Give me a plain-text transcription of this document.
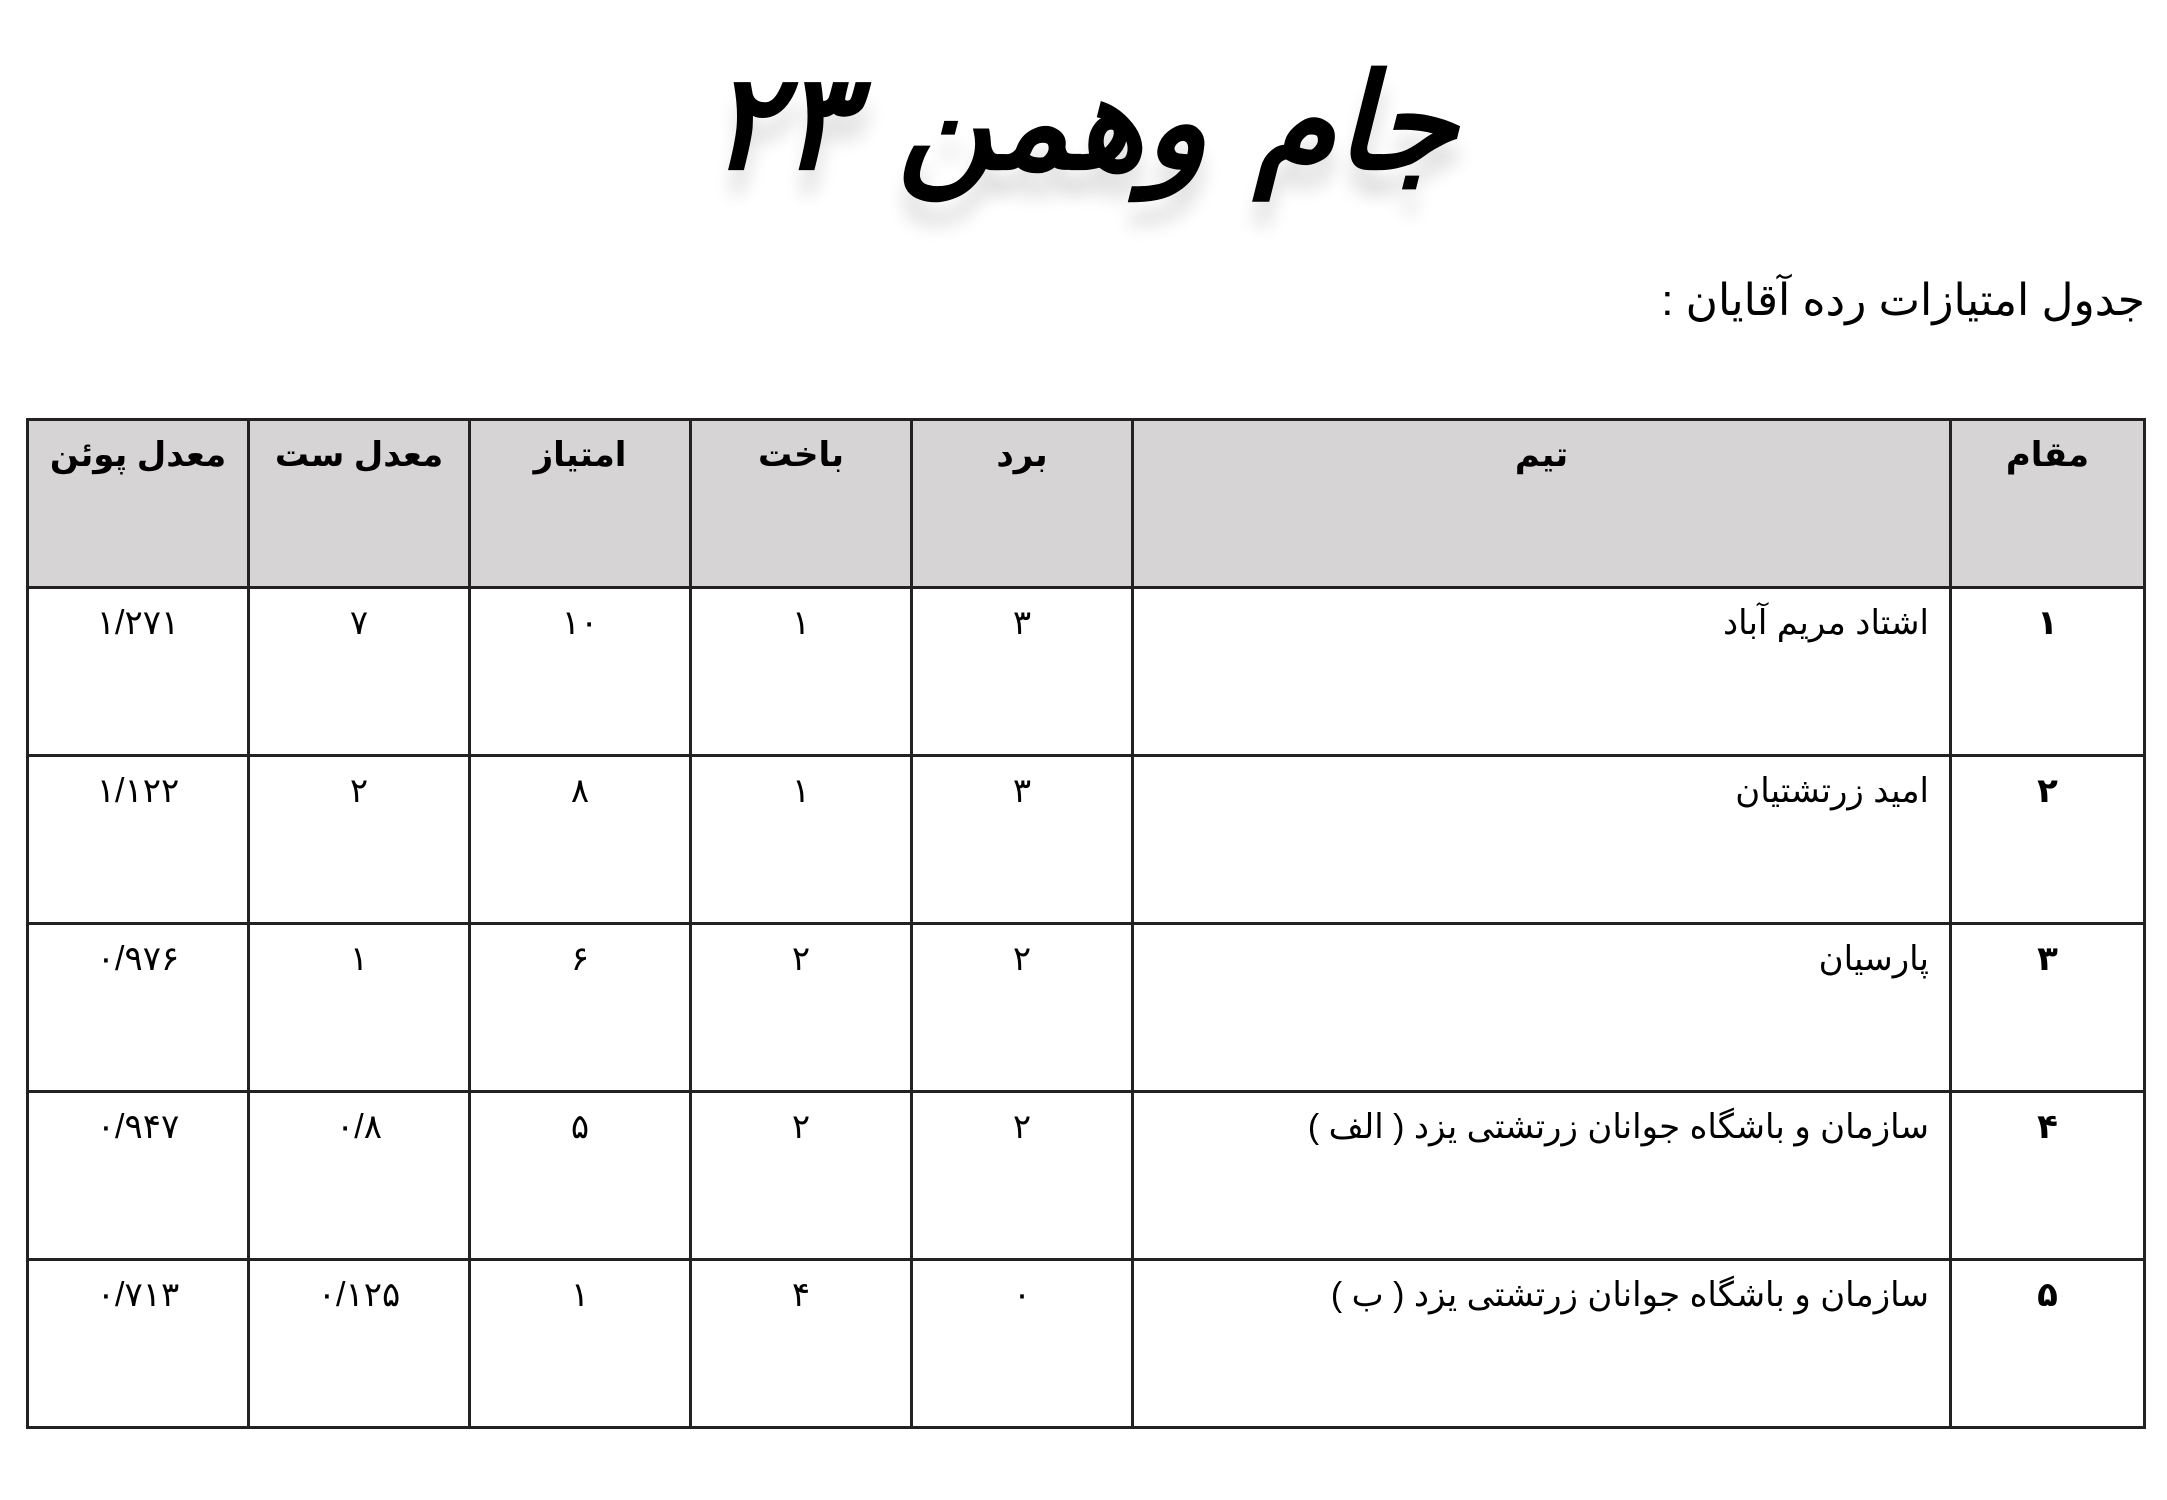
جام وهمن ۲۳
جدول امتیازات رده آقایان :
مقام	تیم	برد	باخت	امتیاز	معدل ست	معدل پوئن
۱	اشتاد مریم آباد	۳	۱	۱۰	۷	۱/۲۷۱
۲	امید زرتشتیان	۳	۱	۸	۲	۱/۱۲۲
۳	پارسیان	۲	۲	۶	۱	۰/۹۷۶
۴	سازمان و باشگاه جوانان زرتشتی یزد ( الف )	۲	۲	۵	۰/۸	۰/۹۴۷
۵	سازمان و باشگاه جوانان زرتشتی یزد ( ب )	۰	۴	۱	۰/۱۲۵	۰/۷۱۳
